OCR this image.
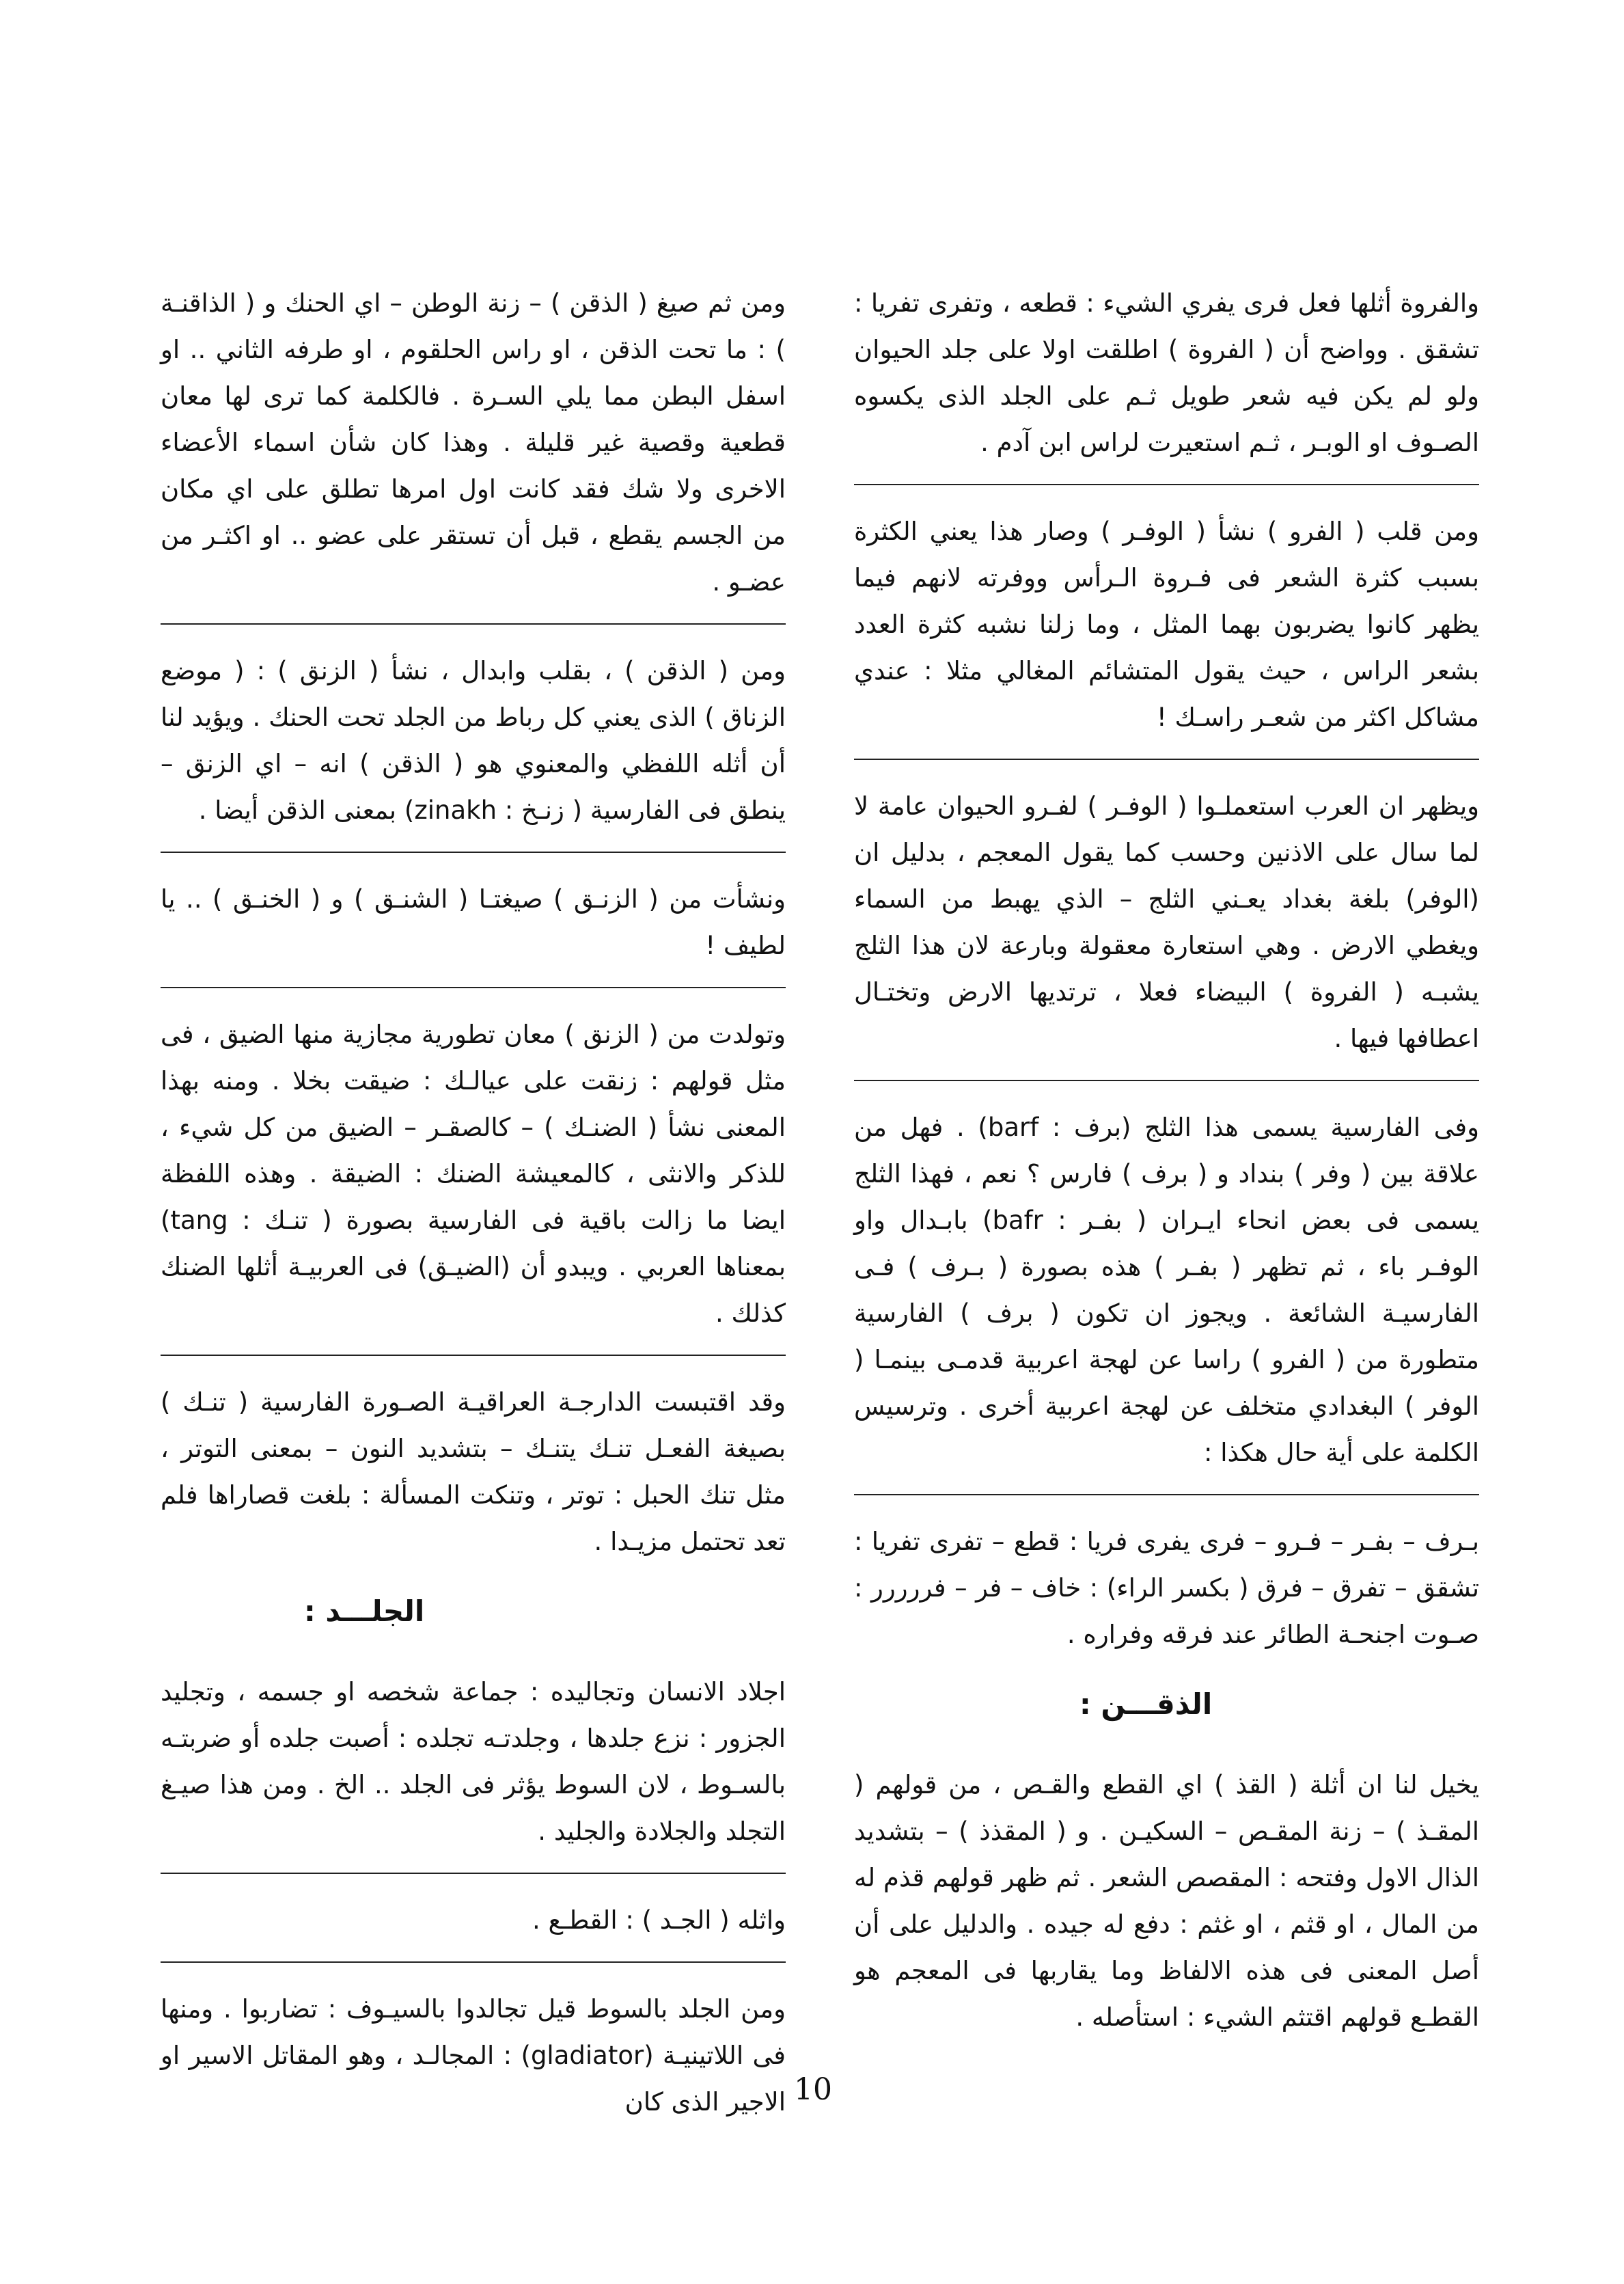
والفروة أثلها فعل فرى يفري الشيء : قطعه ، وتفرى تفريا : تشقق . وواضح أن ( الفروة ) اطلقت اولا على جلد الحيوان ولو لم يكن فيه شعر طويل ثـم على الجلد الذى يكسوه الصـوف او الوبـر ، ثـم استعيرت لراس ابن آدم .

ومن قلب ( الفرو ) نشأ ( الوفـر ) وصار هذا يعني الكثرة بسبب كثرة الشعر فى فـروة الـرأس ووفرته لانهم فيما يظهر كانوا يضربون بهما المثل ، وما زلنا نشبه كثرة العدد بشعر الراس ، حيث يقول المتشائم المغالي مثلا : عندي مشاكل اكثر من شعـر راسـك !

ويظهر ان العرب استعملـوا ( الوفـر ) لفـرو الحيوان عامة لا لما سال على الاذنين وحسب كما يقول المعجم ، بدليل ان (الوفر) بلغة بغداد يعـني الثلج – الذي يهبط من السماء ويغطي الارض . وهي استعارة معقولة وبارعة لان هذا الثلج يشبـه ( الفروة ) البيضاء فعلا ، ترتديها الارض وتختـال اعطافها فيها .

وفى الفارسية يسمى هذا الثلج (برف : barf) . فهل من علاقة بين ( وفر ) بنداد و ( برف ) فارس ؟ نعم ، فهذا الثلج يسمى فى بعض انحاء ايـران ( بفـر : bafr) بابـدال واو الوفـر باء ، ثم تظهر ( بفـر ) هذه بصورة ( بـرف ) فـى الفارسيـة الشائعة . ويجوز ان تكون ( برف ) الفارسية متطورة من ( الفرو ) راسا عن لهجة اعربية قدمـى بينمـا ( الوفر ) البغدادي متخلف عن لهجة اعربية أخرى . وترسيس الكلمة على أية حال هكذا :

بـرف – بفـر – فـرو – فرى يفرى فريا : قطع – تفرى تفريا : تشقق – تفرق – فرق ( بكسر الراء) : خاف – فر – فررررر : صـوت اجنحـة الطائر عند فرقه وفراره .

الذقـــن :

يخيل لنا ان أثلة ( القذ ) اي القطع والقـص ، من قولهم ( المقـذ ) – زنة المقـص – السكيـن . و ( المقذذ ) – بتشديد الذال الاول وفتحه : المقصص الشعر . ثم ظهر قولهم قذم له من المال ، او قثم ، او غثم : دفع له جيده . والدليل على أن أصل المعنى فى هذه الالفاظ وما يقاربها فى المعجم هو القطـع قولهم اقتثم الشيء : استأصله .

ومن ثم صيغ ( الذقن ) – زنة الوطن – اي الحنك و ( الذاقنـة ) : ما تحت الذقن ، او راس الحلقوم ، او طرفه الثاني .. او اسفل البطن مما يلي السـرة . فالكلمة كما ترى لها معان قطعية وقصية غير قليلة . وهذا كان شأن اسماء الأعضاء الاخرى ولا شك فقد كانت اول امرها تطلق على اي مكان من الجسم يقطع ، قبل أن تستقر على عضو .. او اكثـر من عضـو .

ومن ( الذقن ) ، بقلب وابدال ، نشأ ( الزنق ) : ( موضع الزناق ) الذى يعني كل رباط من الجلد تحت الحنك . ويؤيد لنا أن أثله اللفظي والمعنوي هو ( الذقن ) انه – اي الزنق – ينطق فى الفارسية ( زنـخ : zinakh) بمعنى الذقن أيضا .

ونشأت من ( الزنـق ) صيغتـا ( الشنـق ) و ( الخنـق ) .. يا لطيف !

وتولدت من ( الزنق ) معان تطورية مجازية منها الضيق ، فى مثل قولهم : زنقت على عيالـك : ضيقت بخلا . ومنه بهذا المعنى نشأ ( الضنـك ) – كالصقـر – الضيق من كل شيء ، للذكر والانثى ، كالمعيشة الضنك : الضيقة . وهذه اللفظة ايضا ما زالت باقية فى الفارسية بصورة ( تنـك : tang) بمعناها العربي . ويبدو أن (الضيـق) فى العربيـة أثلها الضنك كذلك .

وقد اقتبست الدارجـة العراقيـة الصـورة الفارسية ( تنـك ) بصيغة الفعـل تنـك يتنـك – بتشديد النون – بمعنى التوتر ، مثل تنك الحبل : توتر ، وتنكت المسألة : بلغت قصاراها فلم تعد تحتمل مزيـدا .

الجلـــد :

اجلاد الانسان وتجاليده : جماعة شخصه او جسمه ، وتجليد الجزور : نزع جلدها ، وجلدتـه تجلده : أصبت جلده أو ضربتـه بالسـوط ، لان السوط يؤثر فى الجلد .. الخ . ومن هذا صيـغ التجلد والجلادة والجليد .

واثله ( الجـد ) : القطـع .

ومن الجلد بالسوط قيل تجالدوا بالسيـوف : تضاربوا . ومنها فى اللاتينيـة (gladiator) : المجالـد ، وهو المقاتل الاسير او الاجير الذى كان 10
